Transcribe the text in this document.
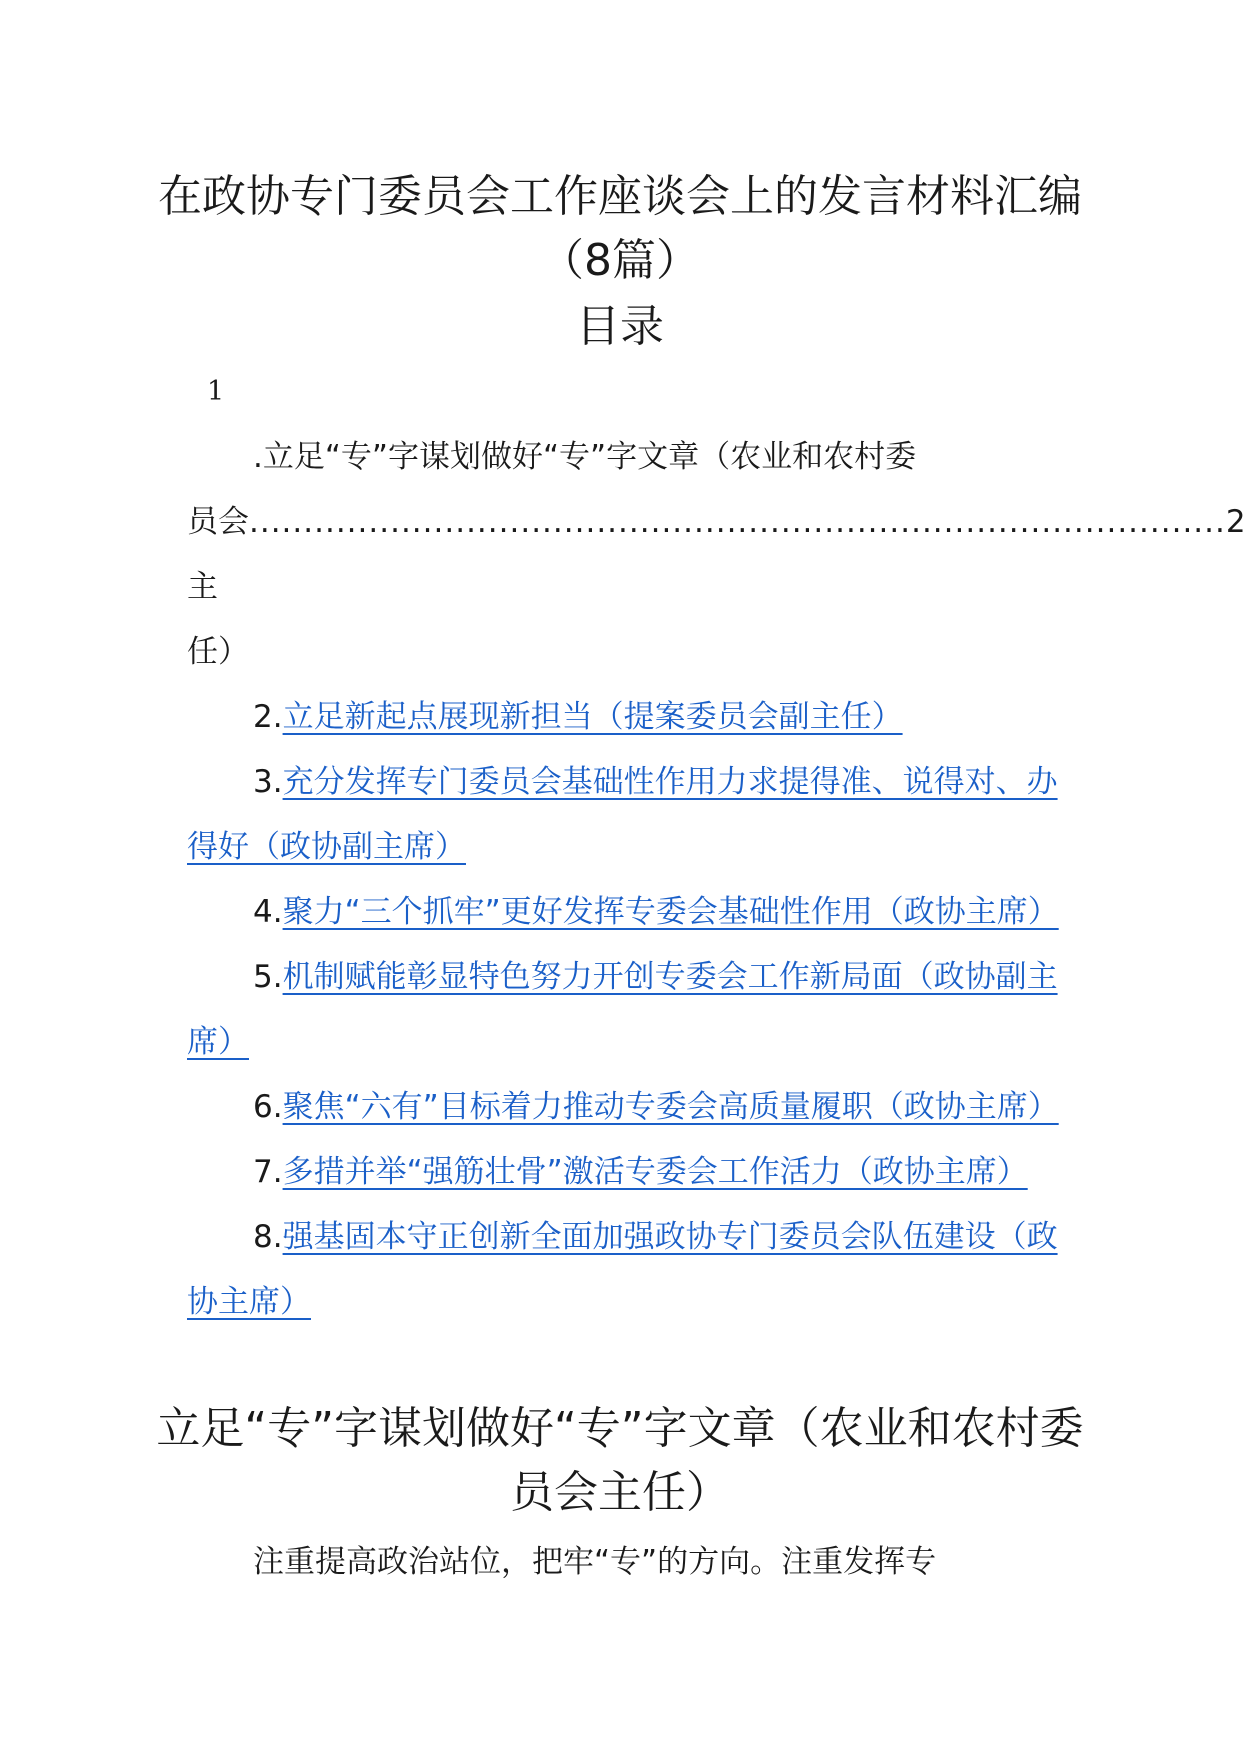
在政协专门委员会工作座谈会上的发言材料汇编（8篇）
目录
1
.立足“专”字谋划做好“专”字文章（农业和农村委
员会主任）
.......................................................................................... 2

2.立足新起点展现新担当（提案委员会副主任）

3.充分发挥专门委员会基础性作用力求提得准、说得对、办得好（政协副主席）

4.聚力“三个抓牢”更好发挥专委会基础性作用（政协主席）

5.机制赋能彰显特色努力开创专委会工作新局面（政协副主席）

6.聚焦“六有”目标着力推动专委会高质量履职（政协主席）

7.多措并举“强筋壮骨”激活专委会工作活力（政协主席）

8.强基固本守正创新全面加强政协专门委员会队伍建设（政协主席）

立足“专”字谋划做好“专”字文章（农业和农村委员会主任）

注重提高政治站位，把牢“专”的方向。注重发挥专
